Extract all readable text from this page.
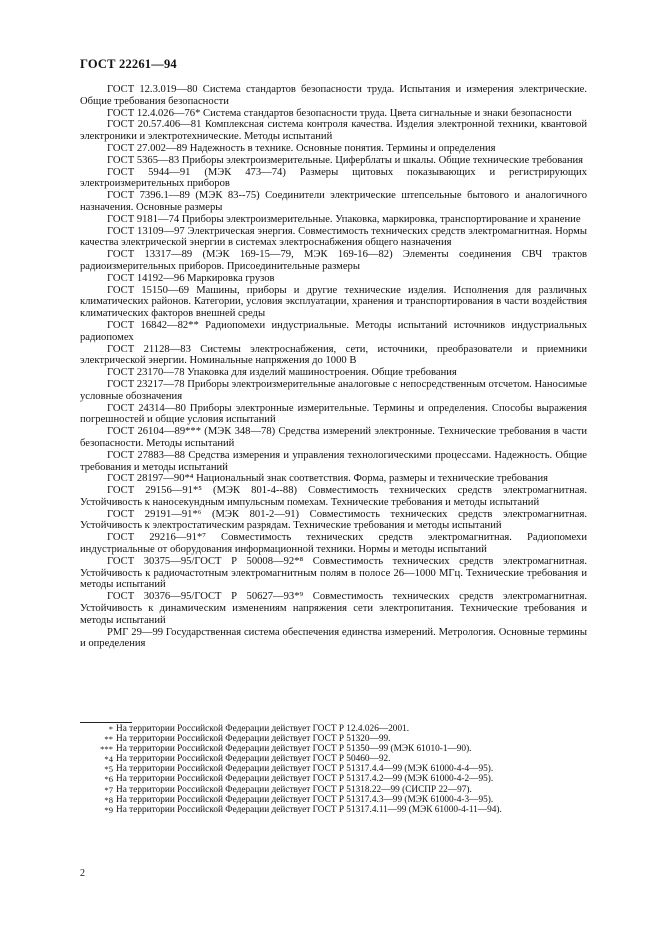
ГОСТ 22261—94

ГОСТ 12.3.019—80 Система стандартов безопасности труда. Испытания и измерения электрические. Общие требования безопасности

ГОСТ 12.4.026—76* Система стандартов безопасности труда. Цвета сигнальные и знаки безопасности

ГОСТ 20.57.406—81 Комплексная система контроля качества. Изделия электронной техники, квантовой электроники и электротехнические. Методы испытаний

ГОСТ 27.002—89 Надежность в технике. Основные понятия. Термины и определения

ГОСТ 5365—83 Приборы электроизмерительные. Циферблаты и шкалы. Общие технические требования

ГОСТ 5944—91 (МЭК 473—74) Размеры щитовых показывающих и регистрирующих электроизмерительных приборов

ГОСТ 7396.1—89 (МЭК 83--75) Соединители электрические штепсельные бытового и аналогичного назначения. Основные размеры

ГОСТ 9181—74 Приборы электроизмерительные. Упаковка, маркировка, транспортирование и хранение

ГОСТ 13109—97 Электрическая энергия. Совместимость технических средств электромагнитная. Нормы качества электрической энергии в системах электроснабжения общего назначения

ГОСТ 13317—89 (МЭК 169-15—79, МЭК 169-16—82) Элементы соединения СВЧ трактов радиоизмерительных приборов. Присоединительные размеры

ГОСТ 14192—96 Маркировка грузов

ГОСТ 15150—69 Машины, приборы и другие технические изделия. Исполнения для различных климатических районов. Категории, условия эксплуатации, хранения и транспортирования в части воздействия климатических факторов внешней среды

ГОСТ 16842—82** Радиопомехи индустриальные. Методы испытаний источников индустриальных радиопомех

ГОСТ 21128—83 Системы электроснабжения, сети, источники, преобразователи и приемники электрической энергии. Номинальные напряжения до 1000 В

ГОСТ 23170—78 Упаковка для изделий машиностроения. Общие требования

ГОСТ 23217—78 Приборы электроизмерительные аналоговые с непосредственным отсчетом. Наносимые условные обозначения

ГОСТ 24314—80 Приборы электронные измерительные. Термины и определения. Способы выражения погрешностей и общие условия испытаний

ГОСТ 26104—89*** (МЭК 348—78) Средства измерений электронные. Технические требования в части безопасности. Методы испытаний

ГОСТ 27883—88 Средства измерения и управления технологическими процессами. Надежность. Общие требования и методы испытаний

ГОСТ 28197—90*⁴ Национальный знак соответствия. Форма, размеры и технические требования

ГОСТ 29156—91*⁵ (МЭК 801-4--88) Совместимость технических средств электромагнитная. Устойчивость к наносекундным импульсным помехам. Технические требования и методы испытаний

ГОСТ 29191—91*⁶ (МЭК 801-2—91) Совместимость технических средств электромагнитная. Устойчивость к электростатическим разрядам. Технические требования и методы испытаний

ГОСТ 29216—91*⁷ Совместимость технических средств электромагнитная. Радиопомехи индустриальные от оборудования информационной техники. Нормы и методы испытаний

ГОСТ 30375—95/ГОСТ Р 50008—92*⁸ Совместимость технических средств электромагнитная. Устойчивость к радиочастотным электромагнитным полям в полосе 26—1000 МГц. Технические требования и методы испытаний

ГОСТ 30376—95/ГОСТ Р 50627—93*⁹ Совместимость технических средств электромагнитная. Устойчивость к динамическим изменениям напряжения сети электропитания. Технические требования и методы испытаний

РМГ 29—99 Государственная система обеспечения единства измерений. Метрология. Основные термины и определения

* На территории Российской Федерации действует ГОСТ Р 12.4.026—2001.
** На территории Российской Федерации действует ГОСТ Р 51320—99.
*** На территории Российской Федерации действует ГОСТ Р 51350—99 (МЭК 61010-1—90).
*4 На территории Российской Федерации действует ГОСТ Р 50460—92.
*5 На территории Российской Федерации действует ГОСТ Р 51317.4.4—99 (МЭК 61000-4-4—95).
*6 На территории Российской Федерации действует ГОСТ Р 51317.4.2—99 (МЭК 61000-4-2—95).
*7 На территории Российской Федерации действует ГОСТ Р 51318.22—99 (СИСПР 22—97).
*8 На территории Российской Федерации действует ГОСТ Р 51317.4.3—99 (МЭК 61000-4-3—95).
*9 На территории Российской Федерации действует ГОСТ Р 51317.4.11—99 (МЭК 61000-4-11—94).
2
